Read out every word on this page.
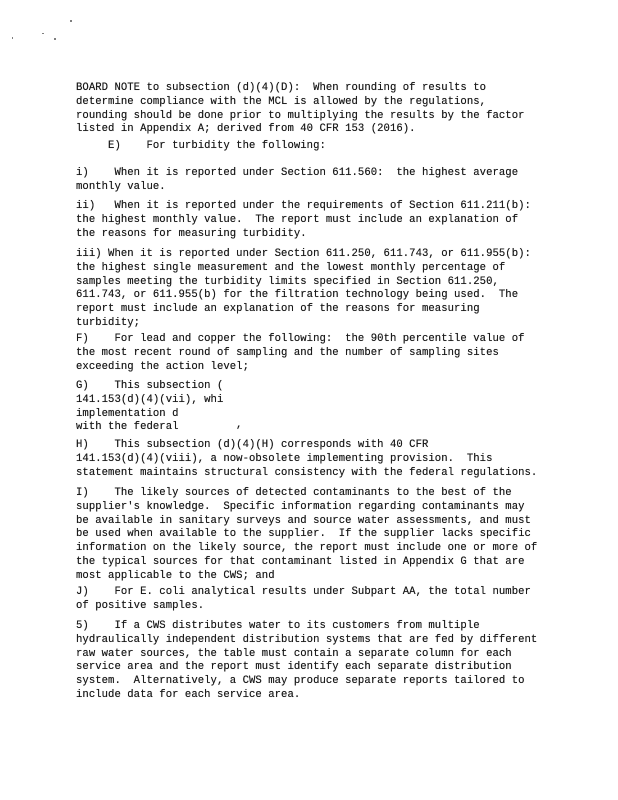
BOARD NOTE to subsection (d)(4)(D):  When rounding of results to
determine compliance with the MCL is allowed by the regulations,
rounding should be done prior to multiplying the results by the factor
listed in Appendix A; derived from 40 CFR 153 (2016).
E)    For turbidity the following:
i)    When it is reported under Section 611.560:  the highest average
monthly value.
ii)   When it is reported under the requirements of Section 611.211(b):
the highest monthly value.  The report must include an explanation of
the reasons for measuring turbidity.
iii) When it is reported under Section 611.250, 611.743, or 611.955(b):
the highest single measurement and the lowest monthly percentage of
samples meeting the turbidity limits specified in Section 611.250,
611.743, or 611.955(b) for the filtration technology being used.  The
report must include an explanation of the reasons for measuring
turbidity;
F)    For lead and copper the following:  the 90th percentile value of
the most recent round of sampling and the number of sampling sites
exceeding the action level;
G)    This subsection (
141.153(d)(4)(vii), whi
implementation d
with the federal	,
H)    This subsection (d)(4)(H) corresponds with 40 CFR
141.153(d)(4)(viii), a now-obsolete implementing provision.  This
statement maintains structural consistency with the federal regulations.
I)    The likely sources of detected contaminants to the best of the
supplier's knowledge.  Specific information regarding contaminants may
be available in sanitary surveys and source water assessments, and must
be used when available to the supplier.  If the supplier lacks specific
information on the likely source, the report must include one or more of
the typical sources for that contaminant listed in Appendix G that are
most applicable to the CWS; and
J)    For E. coli analytical results under Subpart AA, the total number
of positive samples.
5)    If a CWS distributes water to its customers from multiple
hydraulically independent distribution systems that are fed by different
raw water sources, the table must contain a separate column for each
service area and the report must identify each separate distribution
system.  Alternatively, a CWS may produce separate reports tailored to
include data for each service area.
